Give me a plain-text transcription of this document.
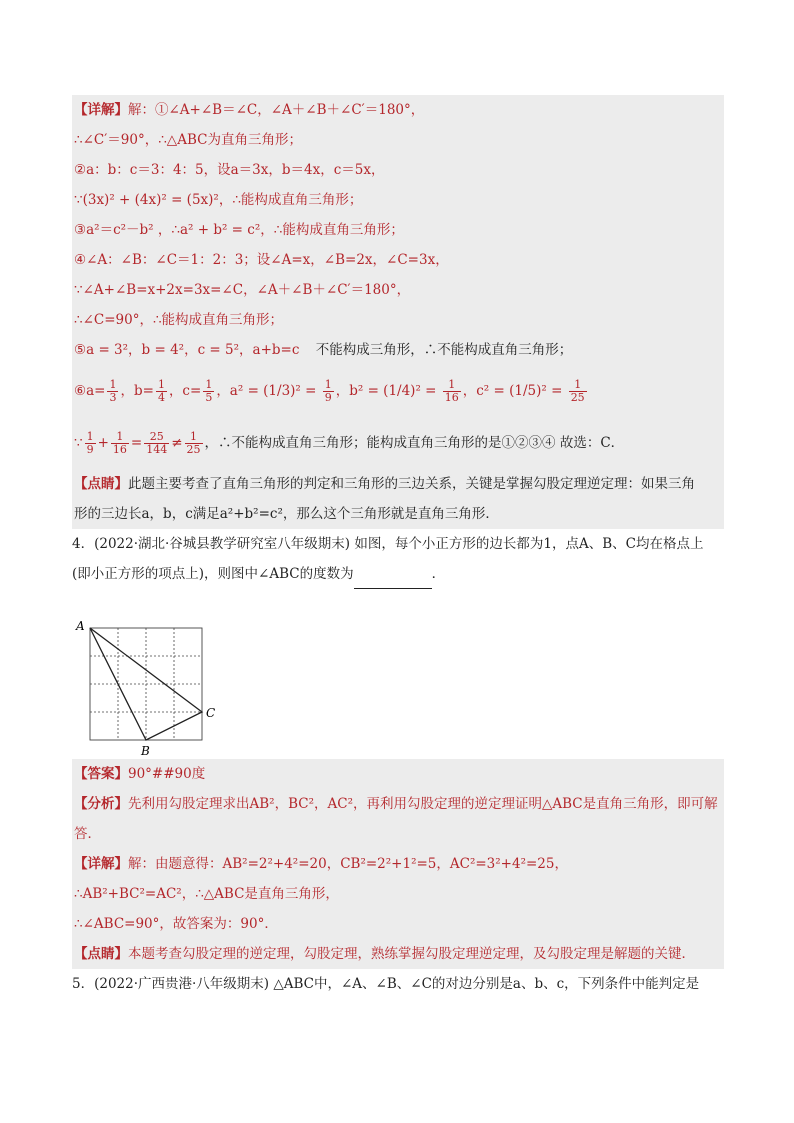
【详解】解：①∠A+∠B＝∠C，∠A＋∠B＋∠C′＝180°，
∴∠C′＝90°，∴△ABC为直角三角形；
②a：b：c＝3：4：5，设a＝3x，b＝4x，c＝5x，
∵(3x)² + (4x)² = (5x)²，∴能构成直角三角形；
③a²＝c²－b² ，∴a² + b² = c²，∴能构成直角三角形；
④∠A：∠B：∠C＝1：2：3；设∠A=x，∠B=2x，∠C=3x，
∵∠A+∠B=x+2x=3x=∠C，∠A＋∠B＋∠C′＝180°，
∴∠C=90°，∴能构成直角三角形；
⑤a = 3²，b = 4²，c = 5²，a+b=c 不能构成三角形，∴不能构成直角三角形；
⑥a= $\frac{1}{3}$ ，$b= \frac{1}{4}$ ，$c= \frac{1}{5}$ ，$a^2 = (1/3)^2 = \frac{1}{9}$ ，$b^2 = (1/4)^2 = \frac{1}{16}$ ，$c^2 = (1/5)^2 = \frac{1}{25}$
∵ $\frac{1}{9} + \frac{1}{16} = \frac{25}{144} \ne \frac{1}{25}$ ，∴不能构成直角三角形；能构成直角三角形的是①②③④ 故选：C．
【点睛】此题主要考查了直角三角形的判定和三角形的三边关系，关键是掌握勾股定理逆定理：如果三角
形的三边长a，b，c满足a²+b²=c²，那么这个三角形就是直角三角形．
4．(2022·湖北·谷城县教学研究室八年级期末) 如图，每个小正方形的边长都为1，点A、B、C均在格点上
(即小正方形的项点上)，则图中∠ABC的度数为	．
A
B
C
【答案】90°##90度
【分析】先利用勾股定理求出AB²，BC²，AC²，再利用勾股定理的逆定理证明△ABC是直角三角形，即可解
答．
【详解】解：由题意得：AB²=2²+4²=20，CB²=2²+1²=5，AC²=3²+4²=25，
∴AB²+BC²=AC²，∴△ABC是直角三角形，
∴∠ABC=90°，故答案为：90°．
【点睛】本题考查勾股定理的逆定理，勾股定理，熟练掌握勾股定理逆定理，及勾股定理是解题的关键．
5．(2022·广西贵港·八年级期末) △ABC中，∠A、∠B、∠C的对边分别是a、b、c，下列条件中能判定是
